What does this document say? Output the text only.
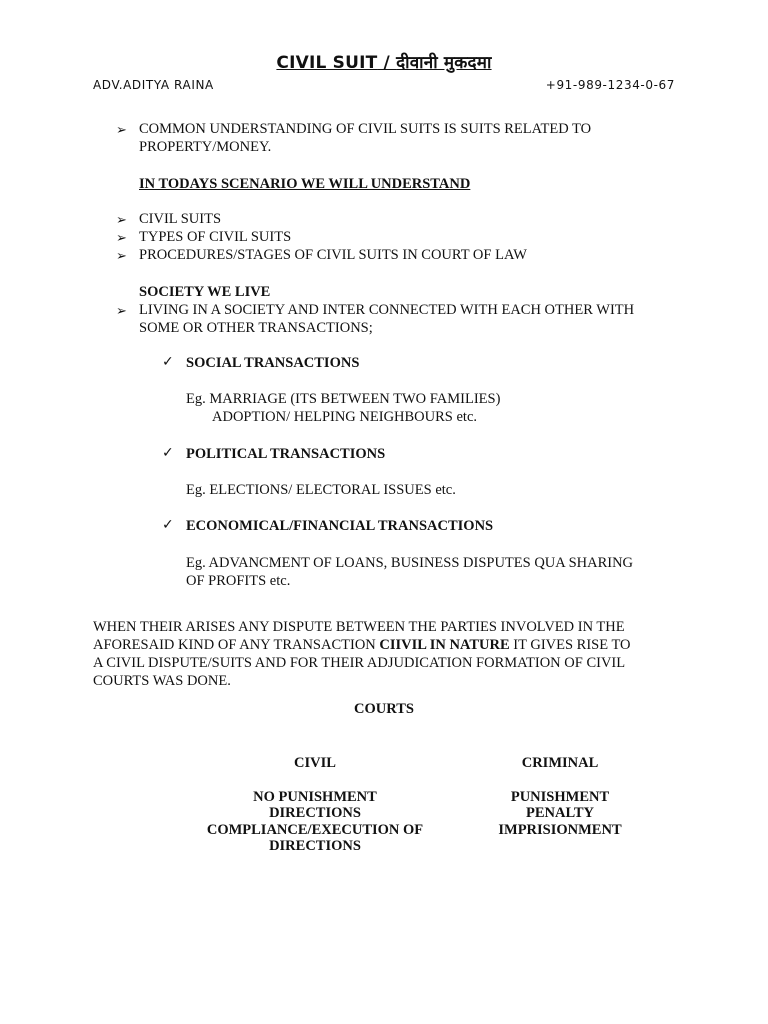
CIVIL SUIT / दीवानी मुकदमा
ADV.ADITYA RAINA	+91-989-1234-0-67
➢ COMMON UNDERSTANDING OF CIVIL SUITS IS SUITS RELATED TO
PROPERTY/MONEY.
IN TODAYS SCENARIO WE WILL UNDERSTAND
➢ CIVIL SUITS
➢ TYPES OF CIVIL SUITS
➢ PROCEDURES/STAGES OF CIVIL SUITS IN COURT OF LAW
SOCIETY WE LIVE
➢ LIVING IN A SOCIETY AND INTER CONNECTED WITH EACH OTHER WITH
SOME OR OTHER TRANSACTIONS;
✓ SOCIAL TRANSACTIONS
Eg. MARRIAGE (ITS BETWEEN TWO FAMILIES)
ADOPTION/ HELPING NEIGHBOURS etc.
✓ POLITICAL TRANSACTIONS
Eg. ELECTIONS/ ELECTORAL ISSUES etc.
✓ ECONOMICAL/FINANCIAL TRANSACTIONS
Eg. ADVANCMENT OF LOANS, BUSINESS DISPUTES QUA SHARING
OF PROFITS etc.
WHEN THEIR ARISES ANY DISPUTE BETWEEN THE PARTIES INVOLVED IN THE
AFORESAID KIND OF ANY TRANSACTION CIIVIL IN NATURE IT GIVES RISE TO
A CIVIL DISPUTE/SUITS AND FOR THEIR ADJUDICATION FORMATION OF CIVIL
COURTS WAS DONE.
COURTS
CIVIL
NO PUNISHMENT
DIRECTIONS
COMPLIANCE/EXECUTION OF
DIRECTIONS
CRIMINAL
PUNISHMENT
PENALTY
IMPRISIONMENT
